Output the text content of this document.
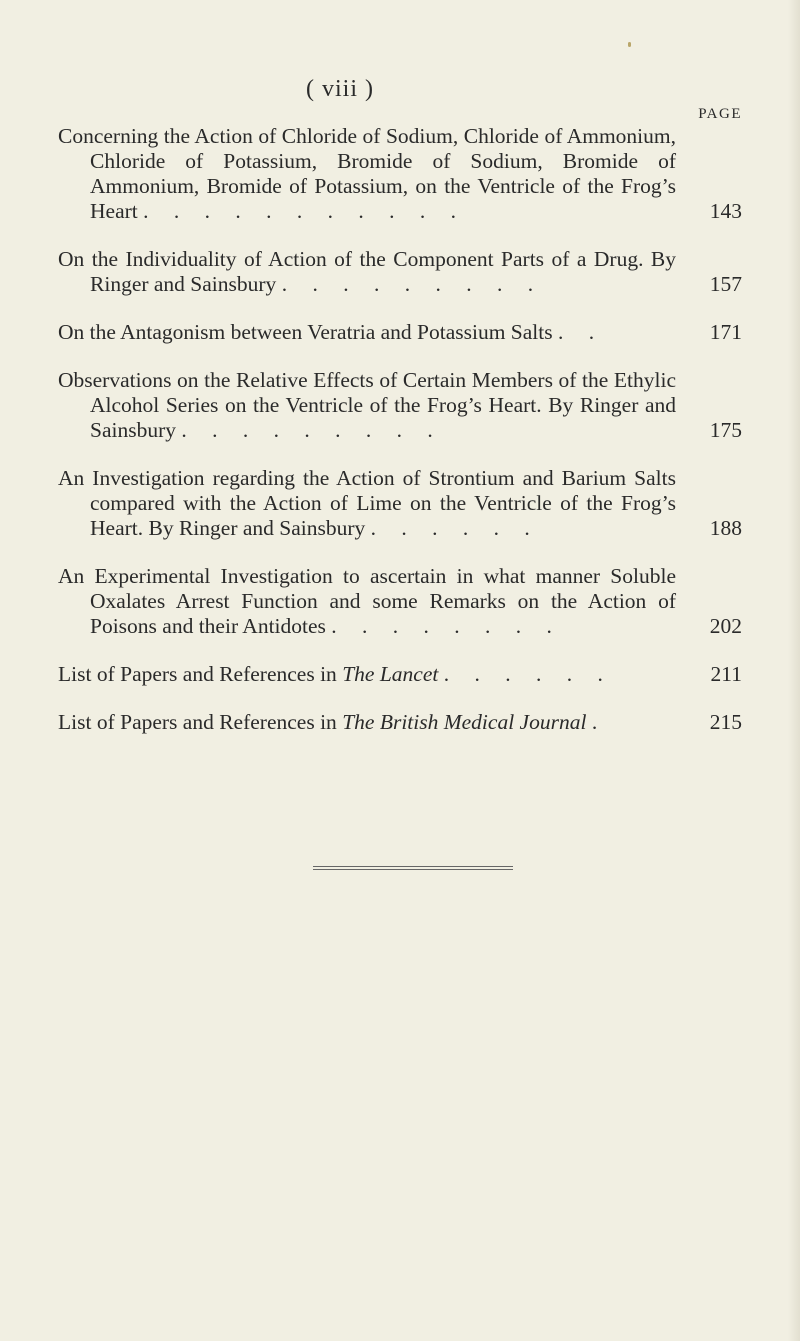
( viii )
PAGE
Concerning the Action of Chloride of Sodium, Chloride of Ammonium, Chloride of Potassium, Bromide of Sodium, Bromide of Ammonium, Bromide of Potassium, on the Ventricle of the Frog’s Heart . . . . . . . . . . .	143
On the Individuality of Action of the Component Parts of a Drug. By Ringer and Sainsbury . . . . . . . . .	157
On the Antagonism between Veratria and Potassium Salts . .	171
Observations on the Relative Effects of Certain Members of the Ethylic Alcohol Series on the Ventricle of the Frog’s Heart. By Ringer and Sainsbury . . . . . . . . .	175
An Investigation regarding the Action of Strontium and Barium Salts compared with the Action of Lime on the Ventricle of the Frog’s Heart. By Ringer and Sainsbury . . . . . .	188
An Experimental Investigation to ascertain in what manner Soluble Oxalates Arrest Function and some Remarks on the Action of Poisons and their Antidotes . . . . . . . .	202
List of Papers and References in The Lancet . . . . . .	211
List of Papers and References in The British Medical Journal .	215
